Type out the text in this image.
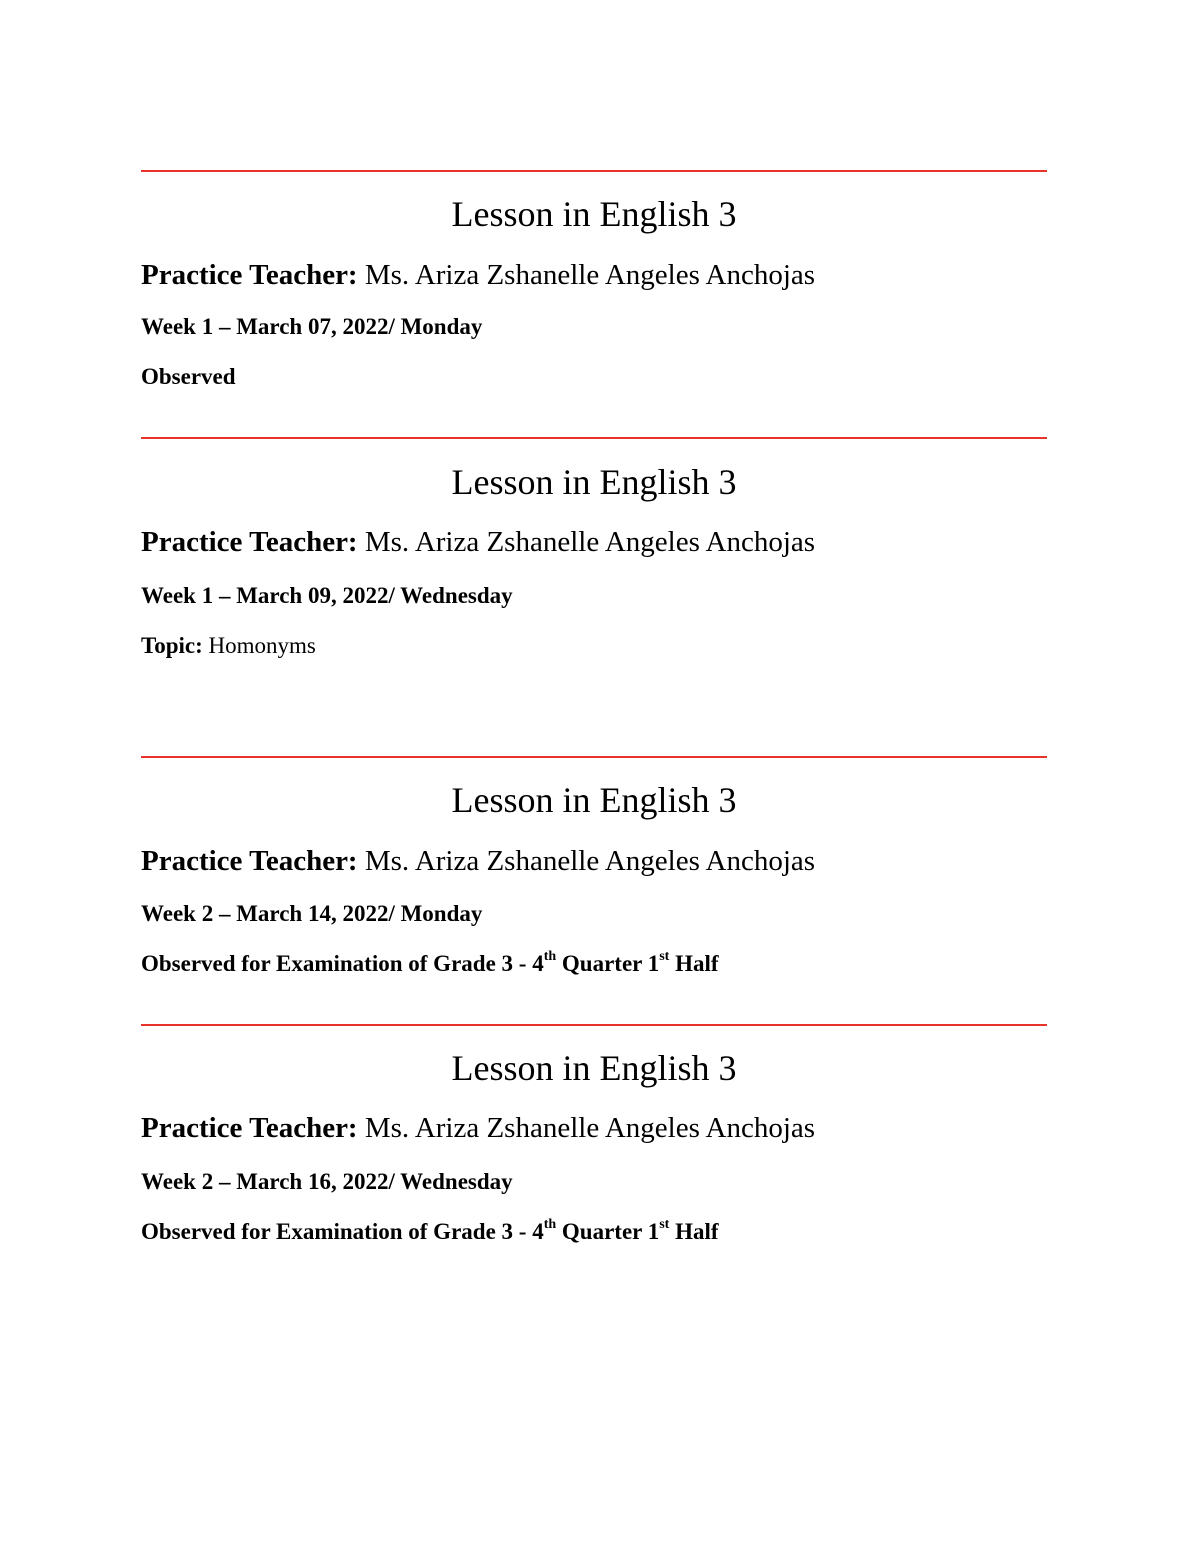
Lesson in English 3
Practice Teacher: Ms. Ariza Zshanelle Angeles Anchojas
Week 1 – March 07, 2022/ Monday
Observed
Lesson in English 3
Practice Teacher: Ms. Ariza Zshanelle Angeles Anchojas
Week 1 – March 09, 2022/ Wednesday
Topic: Homonyms
Lesson in English 3
Practice Teacher: Ms. Ariza Zshanelle Angeles Anchojas
Week 2 – March 14, 2022/ Monday
Observed for Examination of Grade 3 - 4th Quarter 1st Half
Lesson in English 3
Practice Teacher: Ms. Ariza Zshanelle Angeles Anchojas
Week 2 – March 16, 2022/ Wednesday
Observed for Examination of Grade 3 - 4th Quarter 1st Half
